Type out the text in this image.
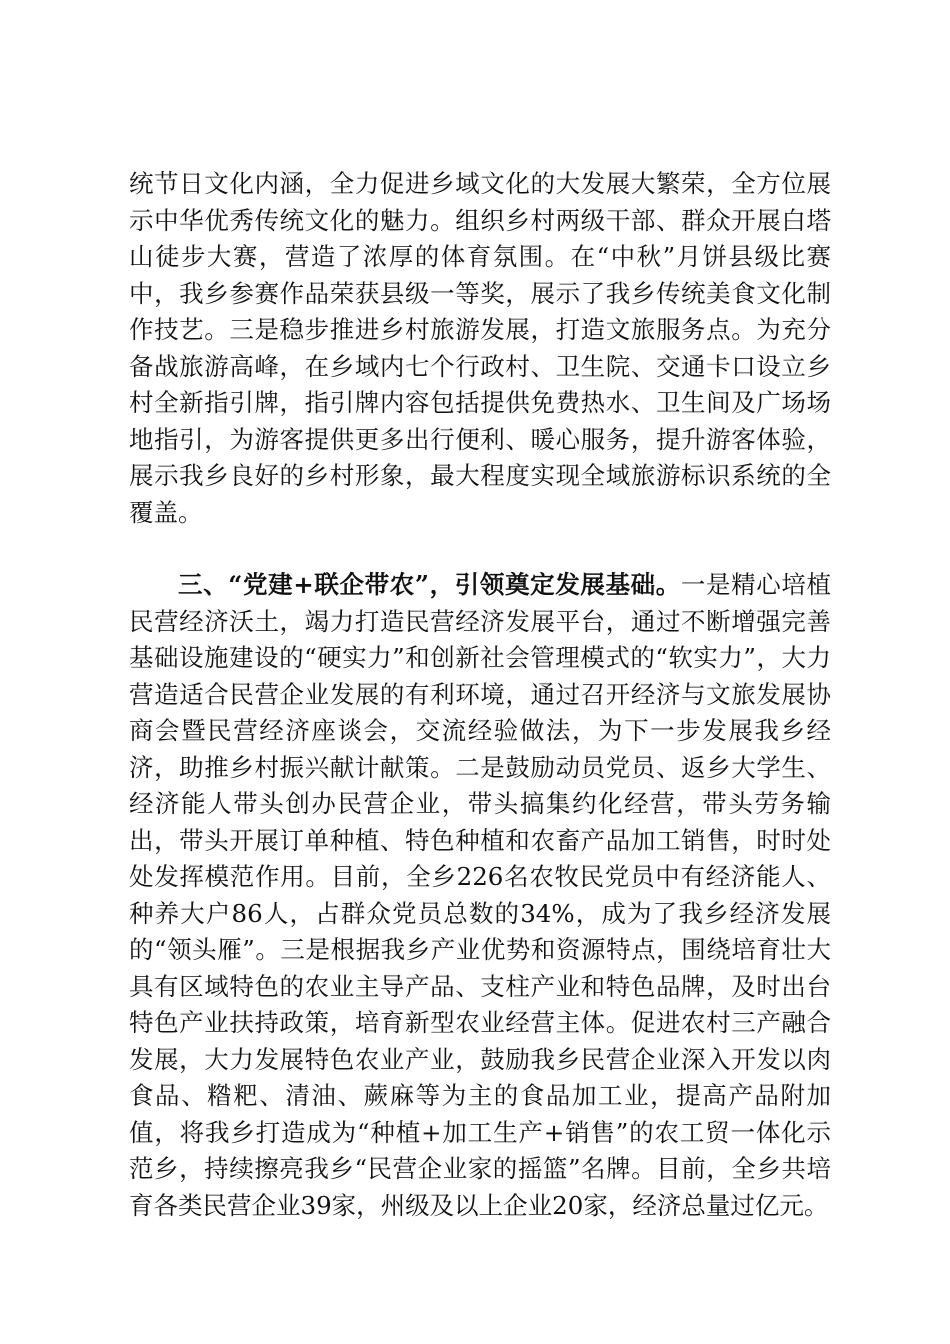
统节日文化内涵，全力促进乡域文化的大发展大繁荣，全方位展示中华优秀传统文化的魅力。组织乡村两级干部、群众开展白塔山徒步大赛，营造了浓厚的体育氛围。在“中秋”月饼县级比赛中，我乡参赛作品荣获县级一等奖，展示了我乡传统美食文化制作技艺。三是稳步推进乡村旅游发展，打造文旅服务点。为充分备战旅游高峰，在乡域内七个行政村、卫生院、交通卡口设立乡村全新指引牌，指引牌内容包括提供免费热水、卫生间及广场场地指引，为游客提供更多出行便利、暖心服务，提升游客体验，展示我乡良好的乡村形象，最大程度实现全域旅游标识系统的全覆盖。

三、“党建+联企带农”，引领奠定发展基础。一是精心培植民营经济沃土，竭力打造民营经济发展平台，通过不断增强完善基础设施建设的“硬实力”和创新社会管理模式的“软实力”，大力营造适合民营企业发展的有利环境，通过召开经济与文旅发展协商会暨民营经济座谈会，交流经验做法，为下一步发展我乡经济，助推乡村振兴献计献策。二是鼓励动员党员、返乡大学生、经济能人带头创办民营企业，带头搞集约化经营，带头劳务输出，带头开展订单种植、特色种植和农畜产品加工销售，时时处处发挥模范作用。目前，全乡226名农牧民党员中有经济能人、种养大户86人，占群众党员总数的34%，成为了我乡经济发展的“领头雁”。三是根据我乡产业优势和资源特点，围绕培育壮大具有区域特色的农业主导产品、支柱产业和特色品牌，及时出台特色产业扶持政策，培育新型农业经营主体。促进农村三产融合发展，大力发展特色农业产业，鼓励我乡民营企业深入开发以肉食品、糌粑、清油、蕨麻等为主的食品加工业，提高产品附加值，将我乡打造成为“种植+加工生产+销售”的农工贸一体化示范乡，持续擦亮我乡“民营企业家的摇篮”名牌。目前，全乡共培育各类民营企业39家，州级及以上企业20家，经济总量过亿元。
